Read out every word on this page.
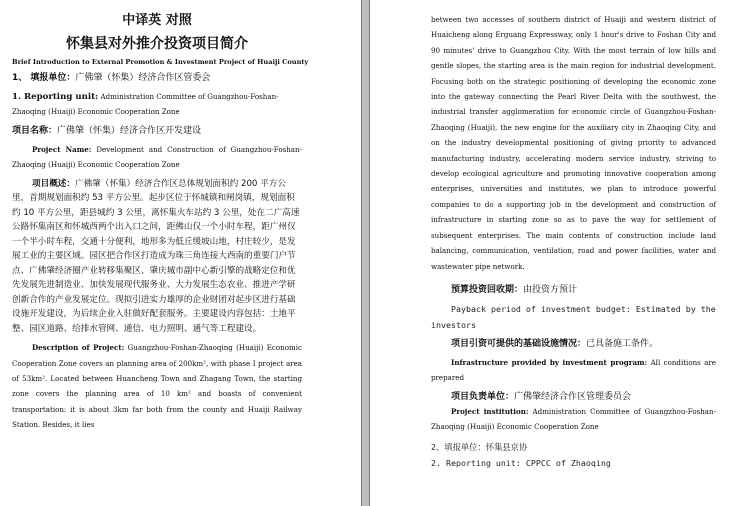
中译英 对照

怀集县对外推介投资项目简介

Brief Introduction to External Promotion & Investment Project of Huaiji County

1、 填报单位：广佛肇（怀集）经济合作区管委会

1. Reporting unit: Administration Committee of Guangzhou-Foshan-Zhaoqing (Huaiji) Economic Cooperation Zone

项目名称：广佛肇（怀集）经济合作区开发建设

Project Name: Development and Construction of Guangzhou-Foshan-Zhaoqing (Huaiji) Economic Cooperation Zone

项目概述：广佛肇（怀集）经济合作区总体规划面积约 200 平方公里，首期规划面积约 53 平方公里。起步区位于怀城镇和闸岗镇，规划面积约 10 平方公里，距县城约 3 公里，离怀集火车站约 3 公里，处在二广高速公路怀集南区和怀城西两个出入口之间，距佛山仅一个小时车程，距广州仅一个半小时车程，交通十分便利，地形多为低丘缓坡山地，村庄较少，是发展工业的主要区域。园区把合作区打造成为珠三角连接大西南的重要门户节点、广佛肇经济圈产业转移集聚区、肇庆城市副中心新引擎的战略定位和优先发展先进制造业、加快发展现代服务业、大力发展生态农业、推进产学研创新合作的产业发展定位。现拟引进实力雄厚的企业财团对起步区进行基础设施开发建设，为后续企业入驻做好配套服务。主要建设内容包括：土地平整、园区道路、给排水管网、通信、电力照明、通气等工程建设。

Description of Project: Guangzhou-Foshan-Zhaoqing (Huaiji) Economic Cooperation Zone covers an planning area of 200km², with phase I project area of 53km². Located between Huancheng Town and Zhagang Town, the starting zone covers the planning area of 10 km² and boasts of convenient transportation: it is about 3km far both from the county and Huaiji Railway Station. Besides, it lies

between two accesses of southern district of Huaiji and western district of Huaicheng along Erguang Expressway, only 1 hour's drive to Foshan City and 90 minutes' drive to Guangzhou City. With the most terrain of low hills and gentle slopes, the starting area is the main region for industrial development. Focusing both on the strategic positioning of developing the economic zone into the gateway connecting the Pearl River Delta with the southwest, the industrial transfer agglomeration for economic circle of Guangzhou-Foshan-Zhaoqing (Huaiji), the new engine for the auxiliary city in Zhaoqing City, and on the industry developmental positioning of giving priority to advanced manufacturing industry, accelerating modern service industry, striving to develop ecological agriculture and promoting innovative cooperation among enterprises, universities and institutes, we plan to introduce powerful companies to do a supporting job in the development and construction of infrastructure in starting zone so as to pave the way for settlement of subsequent enterprises. The main contents of construction include land balancing, communication, ventilation, road and power facilities, water and wastewater pipe network.

预算投资回收期：由投资方预计

Payback period of investment budget: Estimated by the investors

项目引资可提供的基础设施情况：已具备施工条件。

Infrastructure provided by investment program: All conditions are prepared

项目负责单位：广佛肇经济合作区管理委员会

Project institution: Administration Committee of Guangzhou-Foshan-Zhaoqing (Huaiji) Economic Cooperation Zone

2、填报单位：怀集县京协

2. Reporting unit: CPPCC of Zhaoqing
